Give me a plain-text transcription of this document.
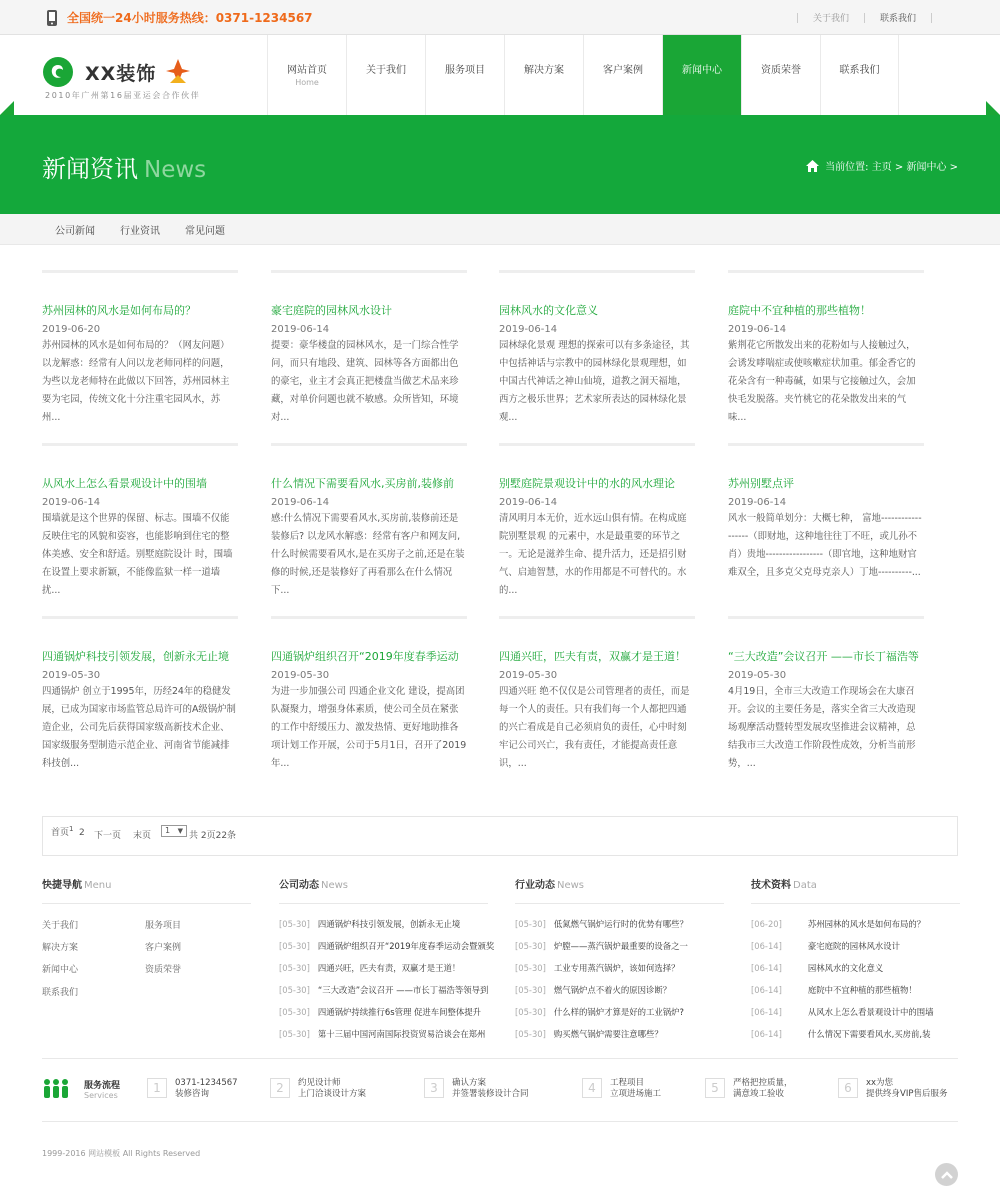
全国统一24小时服务热线：0371-1234567	关于我们	联系我们
XX装饰
2010年广州第16届亚运会合作伙伴
网站首页
Home
关于我们	服务项目	解决方案	客户案例	新闻中心	资质荣誉	联系我们
新闻资讯 News	当前位置: 主页 > 新闻中心 >
公司新闻	行业资讯	常见问题
苏州园林的风水是如何布局的？
2019-06-20
苏州园林的风水是如何布局的？（网友问题）以龙解惑：经常有人问以龙老师同样的问题，为些以龙老师特在此做以下回答，苏州园林主要为宅园，传统文化十分注重宅园风水，苏州...
豪宅庭院的园林风水设计
2019-06-14
提要：豪华楼盘的园林风水，是一门综合性学问，而只有地段、建筑、园林等各方面都出色的豪宅，业主才会真正把楼盘当做艺术品来珍藏，对单价问题也就不敏感。众所皆知，环境对...
园林风水的文化意义
2019-06-14
园林绿化景观 理想的探索可以有多条途径，其中包括神话与宗教中的园林绿化景观理想，如中国古代神话之神山仙境，道教之洞天福地，西方之极乐世界；艺术家所表达的园林绿化景观...
庭院中不宜种植的那些植物！
2019-06-14
紫荆花它所散发出来的花粉如与人接触过久，会诱发哮喘症或使咳嗽症状加重。郁金香它的花朵含有一种毒碱，如果与它接触过久，会加快毛发脱落。夹竹桃它的花朵散发出来的气味...
从风水上怎么看景观设计中的围墙
2019-06-14
围墙就是这个世界的保留、标志。围墙不仅能反映住宅的风貌和姿容，也能影响到住宅的整体美感、安全和舒适。别墅庭院设计 时，围墙在设置上要求新颖，不能像监狱一样一道墙扰...
什么情况下需要看风水,买房前,装修前
2019-06-14
感:什么情况下需要看风水,买房前,装修前还是装修后? 以龙风水解惑：经常有客户和网友问,什么时候需要看风水,是在买房子之前,还是在装修的时候,还是装修好了再看那么在什么情况下...
别墅庭院景观设计中的水的风水理论
2019-06-14
清风明月本无价，近水远山俱有情。在构成庭院别墅景观 的元素中，水是最重要的环节之一。无论是滋养生命、提升活力，还是招引财气、启迪智慧，水的作用都是不可替代的。水的...
苏州别墅点评
2019-06-14
风水一般简单划分：大概七种， 富地------------------（即财地，这种地往往丁不旺，或儿孙不肖）贵地-----------------（即官地，这种地财官难双全，且多克父克母克亲人）丁地----------...
四通锅炉科技引领发展，创新永无止境
2019-05-30
四通锅炉 创立于1995年，历经24年的稳健发展，已成为国家市场监管总局许可的A级锅炉制造企业，公司先后获得国家级高新技术企业、国家级服务型制造示范企业、河南省节能减排科技创...
四通锅炉组织召开“2019年度春季运动
2019-05-30
为进一步加强公司 四通企业文化 建设，提高团队凝聚力，增强身体素质，使公司全员在紧张的工作中舒缓压力、激发热情、更好地助推各项计划工作开展，公司于5月1日，召开了2019年...
四通兴旺，匹夫有责，双赢才是王道！
2019-05-30
四通兴旺 绝不仅仅是公司管理者的责任，而是每一个人的责任。只有我们每一个人都把四通的兴亡看成是自己必须肩负的责任，心中时刻牢记公司兴亡，我有责任，才能提高责任意识，...
“三大改造”会议召开 ——市长丁福浩等
2019-05-30
4月19日，全市三大改造工作现场会在大康召开。会议的主要任务是，落实全省三大改造现场观摩活动暨转型发展攻坚推进会议精神，总结我市三大改造工作阶段性成效，分析当前形势，...
首页$^1$ 2 下一页 末页
1 ▼ 共 2页22条
快捷导航 Menu
关于我们	服务项目
解决方案	客户案例
新闻中心	资质荣誉
联系我们
公司动态 News
[05-30] 四通锅炉科技引领发展，创新永无止境
[05-30] 四通锅炉组织召开“2019年度春季运动会暨颁奖
[05-30] 四通兴旺，匹夫有责，双赢才是王道！
[05-30] “三大改造”会议召开 ——市长丁福浩等领导到
[05-30] 四通锅炉持续推行6s管理 促进车间整体提升
[05-30] 第十三届中国河南国际投资贸易洽谈会在郑州
行业动态 News
[05-30] 低氮燃气锅炉运行时的优势有哪些？
[05-30] 炉膛——蒸汽锅炉最重要的设备之一
[05-30] 工业专用蒸汽锅炉，该如何选择？
[05-30] 燃气锅炉点不着火的原因诊断？
[05-30] 什么样的锅炉才算是好的工业锅炉?
[05-30] 购买燃气锅炉需要注意哪些？
技术资料 Data
[06-20]	苏州园林的风水是如何布局的？
[06-14]	豪宅庭院的园林风水设计
[06-14]	园林风水的文化意义
[06-14]	庭院中不宜种植的那些植物！
[06-14]	从风水上怎么看景观设计中的围墙
[06-14]	什么情况下需要看风水,买房前,装
服务流程
Services
1	0371-1234567
装修咨询	2	约见设计师
上门洽谈设计方案	3	确认方案
并签署装修设计合同	4	工程项目
立项进场施工	5	严格把控质量，
满意竣工验收	6	xx为您
提供终身VIP售后服务
1999-2016 网站模板 All Rights Reserved
